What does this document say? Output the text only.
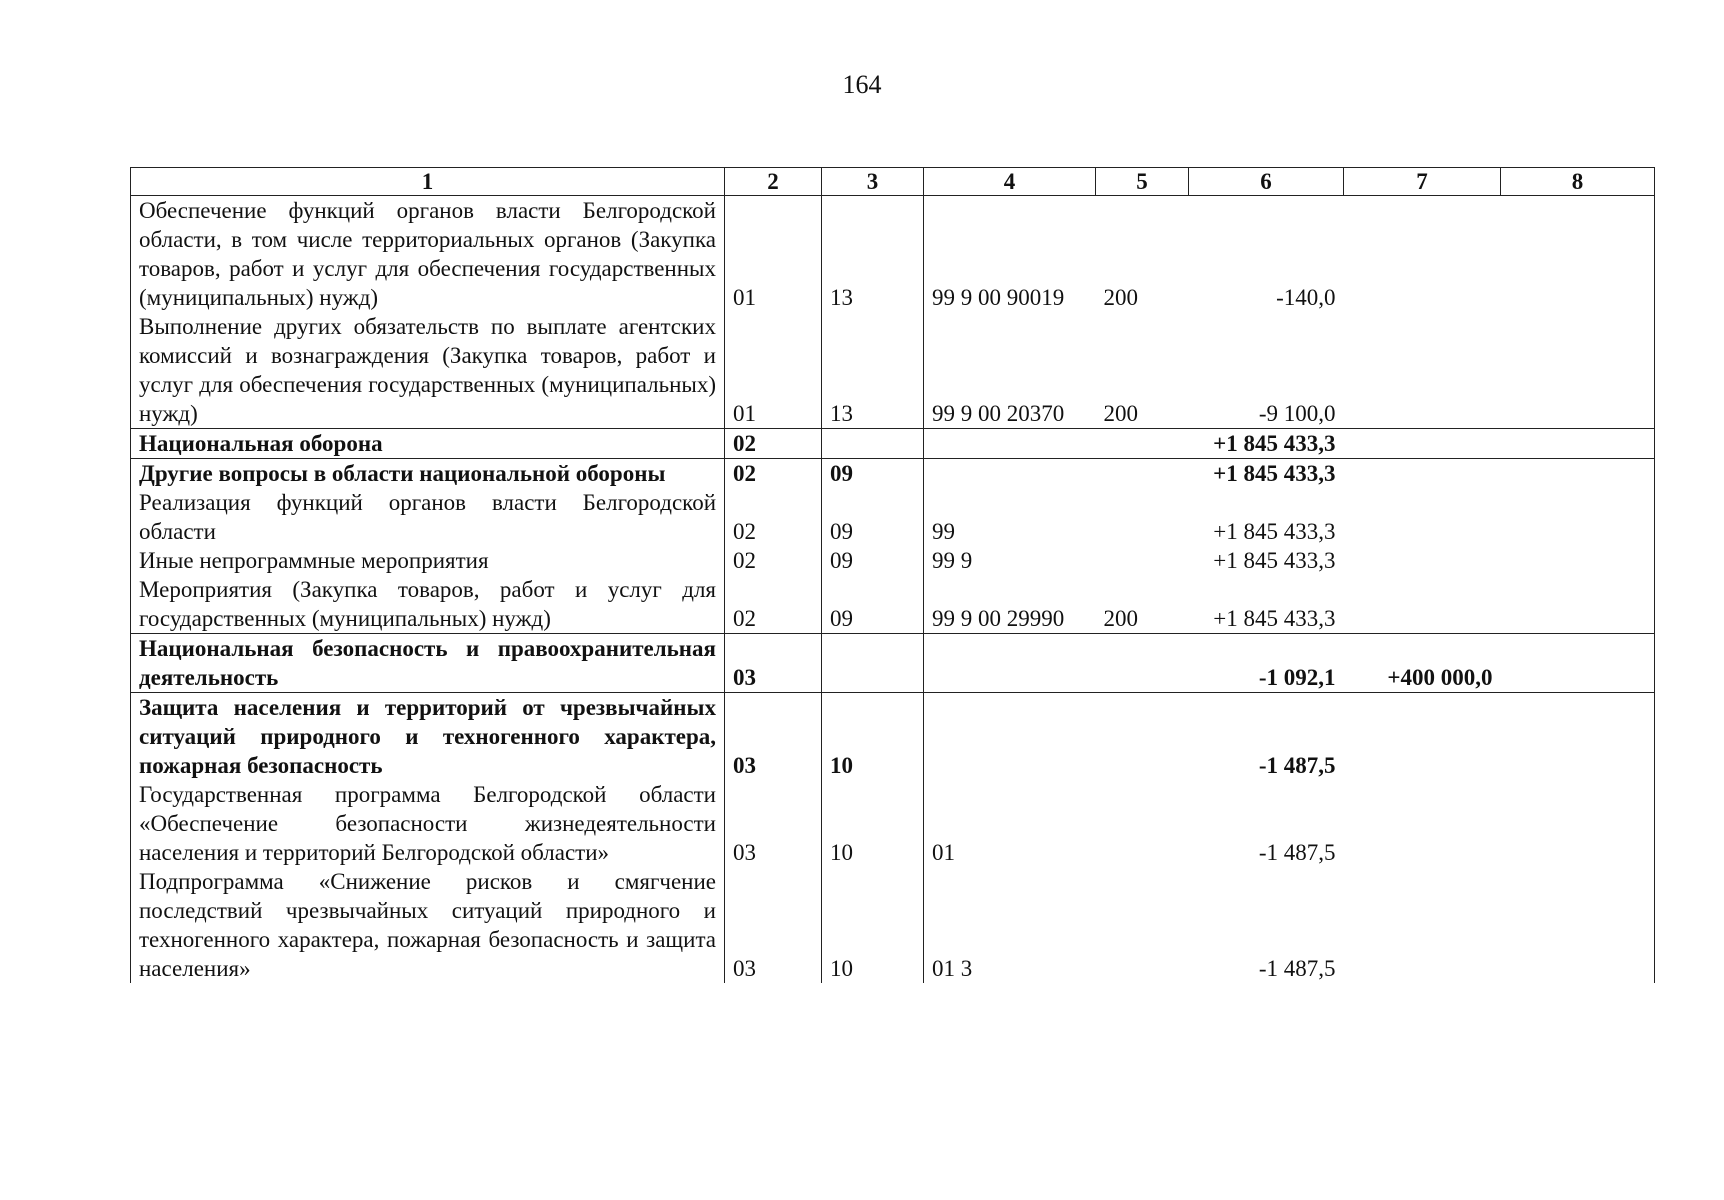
164
1	2	3	4	5	6	7	8
Обеспечение функций органов власти Белгородской области, в том числе территориальных органов (Закупка товаров, работ и услуг для обеспечения государственных (муниципальных) нужд)	01	13	99 9 00 90019	200	-140,0		
Выполнение других обязательств по выплате агентских комиссий и вознаграждения (Закупка товаров, работ и услуг для обеспечения государственных (муниципальных) нужд)	01	13	99 9 00 20370	200	-9 100,0		
Национальная оборона	02				+1 845 433,3		
Другие вопросы в области национальной обороны	02	09			+1 845 433,3		
Реализация функций органов власти Белгородской области	02	09	99		+1 845 433,3		
Иные непрограммные мероприятия	02	09	99 9		+1 845 433,3		
Мероприятия (Закупка товаров, работ и услуг для государственных (муниципальных) нужд)	02	09	99 9 00 29990	200	+1 845 433,3		
Национальная безопасность и правоохранительная деятельность	03				-1 092,1	+400 000,0	
Защита населения и территорий от чрезвычайных ситуаций природного и техногенного характера, пожарная безопасность	03	10			-1 487,5		
Государственная программа Белгородской области «Обеспечение безопасности жизнедеятельности населения и территорий Белгородской области»	03	10	01		-1 487,5		
Подпрограмма «Снижение рисков и смягчение последствий чрезвычайных ситуаций природного и техногенного характера, пожарная безопасность и защита населения»	03	10	01 3		-1 487,5		
